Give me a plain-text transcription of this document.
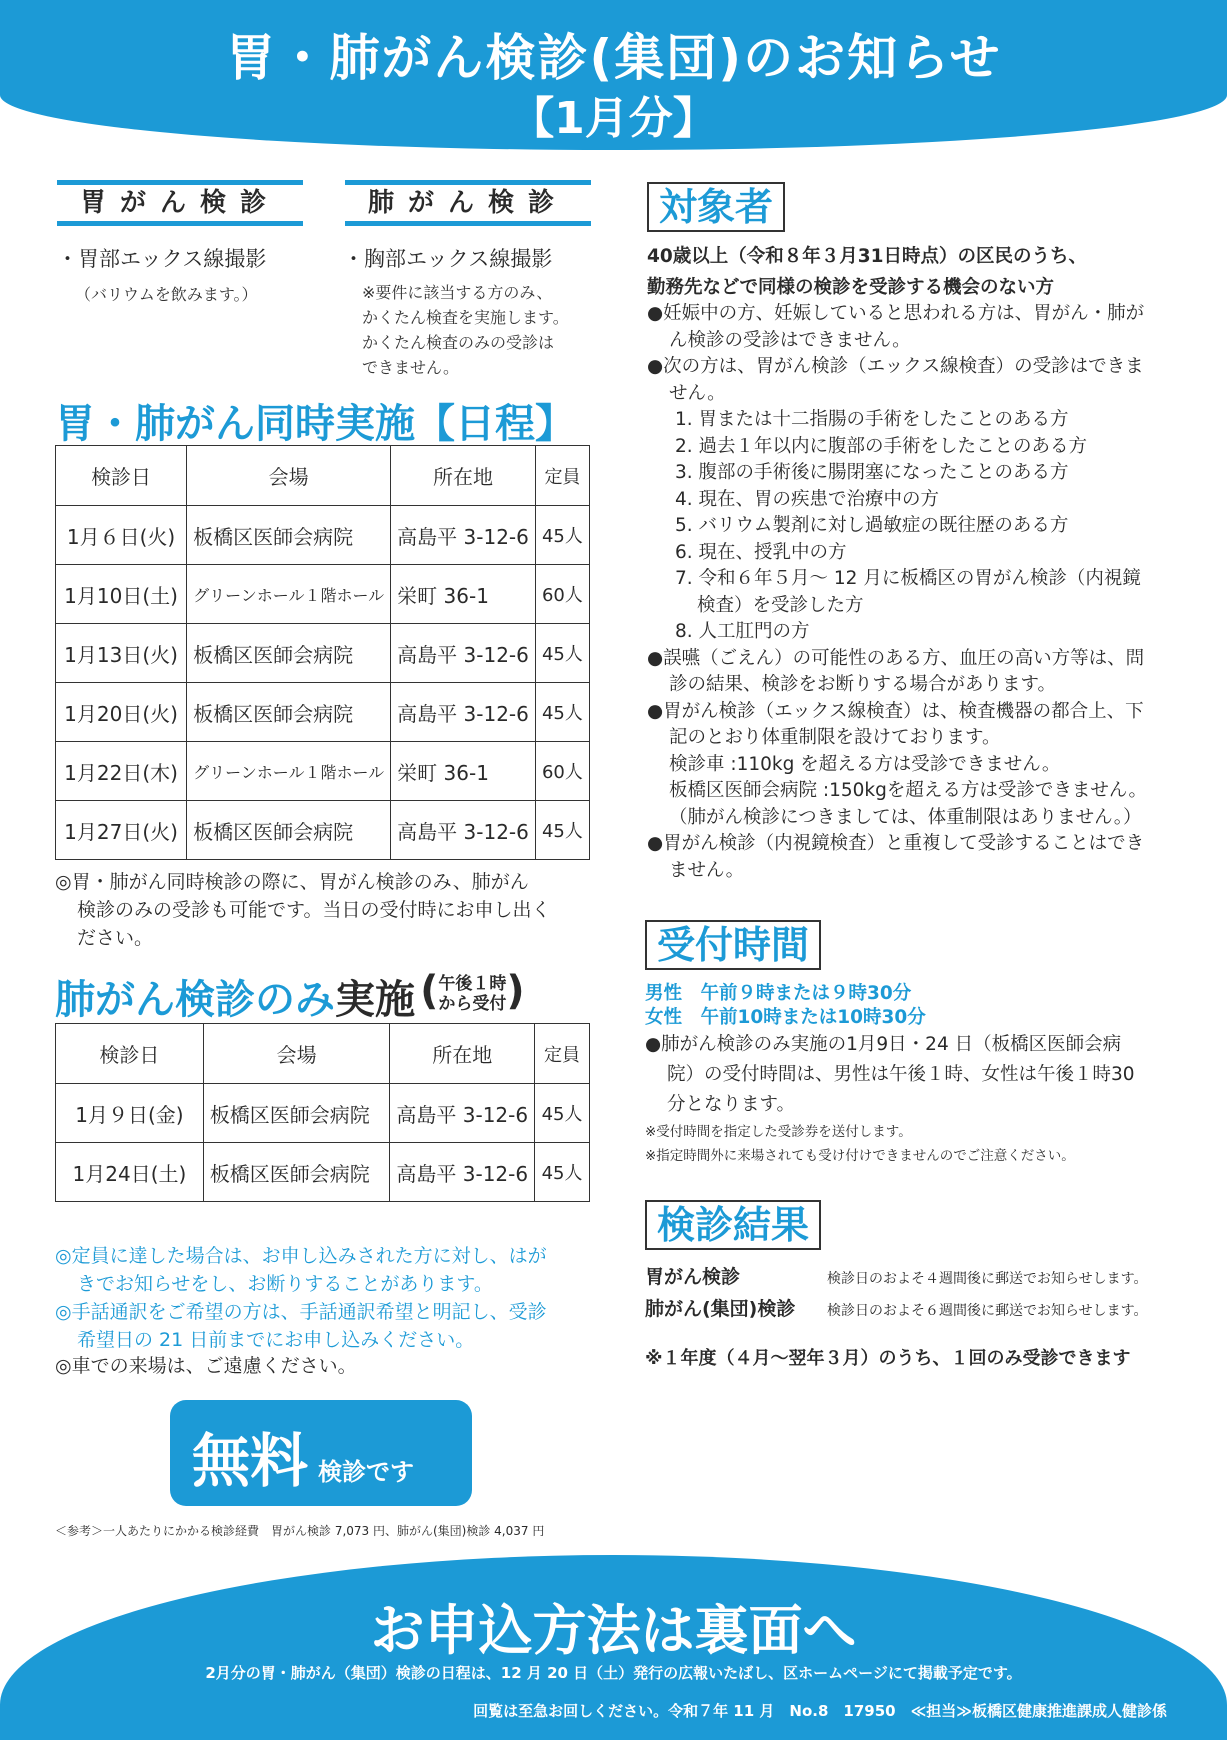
胃・肺がん検診(集団)のお知らせ
【1月分】
胃がん検診	肺がん検診
・胃部エックス線撮影
（バリウムを飲みます。）
・胸部エックス線撮影
※要件に該当する方のみ、
かくたん検査を実施します。
かくたん検査のみの受診は
できません。
胃・肺がん同時実施【日程】
検診日	会場	所在地	定員
1月６日(火)	板橋区医師会病院	高島平 3-12-6	45人
1月10日(土)	グリーンホール１階ホール	栄町 36-1	60人
1月13日(火)	板橋区医師会病院	高島平 3-12-6	45人
1月20日(火)	板橋区医師会病院	高島平 3-12-6	45人
1月22日(木)	グリーンホール１階ホール	栄町 36-1	60人
1月27日(火)	板橋区医師会病院	高島平 3-12-6	45人
◎胃・肺がん同時検診の際に、胃がん検診のみ、肺がん
検診のみの受診も可能です。当日の受付時にお申し出く
ださい。
肺がん検診のみ実施 (午後１時
から受付)
検診日	会場	所在地	定員
1月９日(金)	板橋区医師会病院	高島平 3-12-6	45人
1月24日(土)	板橋区医師会病院	高島平 3-12-6	45人
◎定員に達した場合は、お申し込みされた方に対し、はが
きでお知らせをし、お断りすることがあります。
◎手話通訳をご希望の方は、手話通訳希望と明記し、受診
希望日の 21 日前までにお申し込みください。
◎車での来場は、ご遠慮ください。
無料 検診です
＜参考＞一人あたりにかかる検診経費　胃がん検診 7,073 円、肺がん(集団)検診 4,037 円
対象者
40歳以上（令和８年３月31日時点）の区民のうち、
勤務先などで同様の検診を受診する機会のない方
●妊娠中の方、妊娠していると思われる方は、胃がん・肺が
ん検診の受診はできません。
●次の方は、胃がん検診（エックス線検査）の受診はできま
せん。
1. 胃または十二指腸の手術をしたことのある方
2. 過去１年以内に腹部の手術をしたことのある方
3. 腹部の手術後に腸閉塞になったことのある方
4. 現在、胃の疾患で治療中の方
5. バリウム製剤に対し過敏症の既往歴のある方
6. 現在、授乳中の方
7. 令和６年５月～ 12 月に板橋区の胃がん検診（内視鏡
検査）を受診した方
8. 人工肛門の方
●誤嚥（ごえん）の可能性のある方、血圧の高い方等は、問
診の結果、検診をお断りする場合があります。
●胃がん検診（エックス線検査）は、検査機器の都合上、下
記のとおり体重制限を設けております。
検診車 :110kg を超える方は受診できません。
板橋区医師会病院 :150kgを超える方は受診できません。
（肺がん検診につきましては、体重制限はありません。）
●胃がん検診（内視鏡検査）と重複して受診することはでき
ません。
受付時間
男性　午前９時または９時30分
女性　午前10時または10時30分
●肺がん検診のみ実施の1月9日・24 日（板橋区医師会病
院）の受付時間は、男性は午後１時、女性は午後１時30
分となります。
※受付時間を指定した受診券を送付します。
※指定時間外に来場されても受け付けできませんのでご注意ください。
検診結果
胃がん検診	検診日のおよそ４週間後に郵送でお知らせします。
肺がん(集団)検診	検診日のおよそ６週間後に郵送でお知らせします。
※１年度（４月～翌年３月）のうち、１回のみ受診できます
お申込方法は裏面へ
2月分の胃・肺がん（集団）検診の日程は、12 月 20 日（土）発行の広報いたばし、区ホームページにて掲載予定です。
回覧は至急お回しください。令和７年 11 月　No.8　17950　≪担当≫板橋区健康推進課成人健診係
